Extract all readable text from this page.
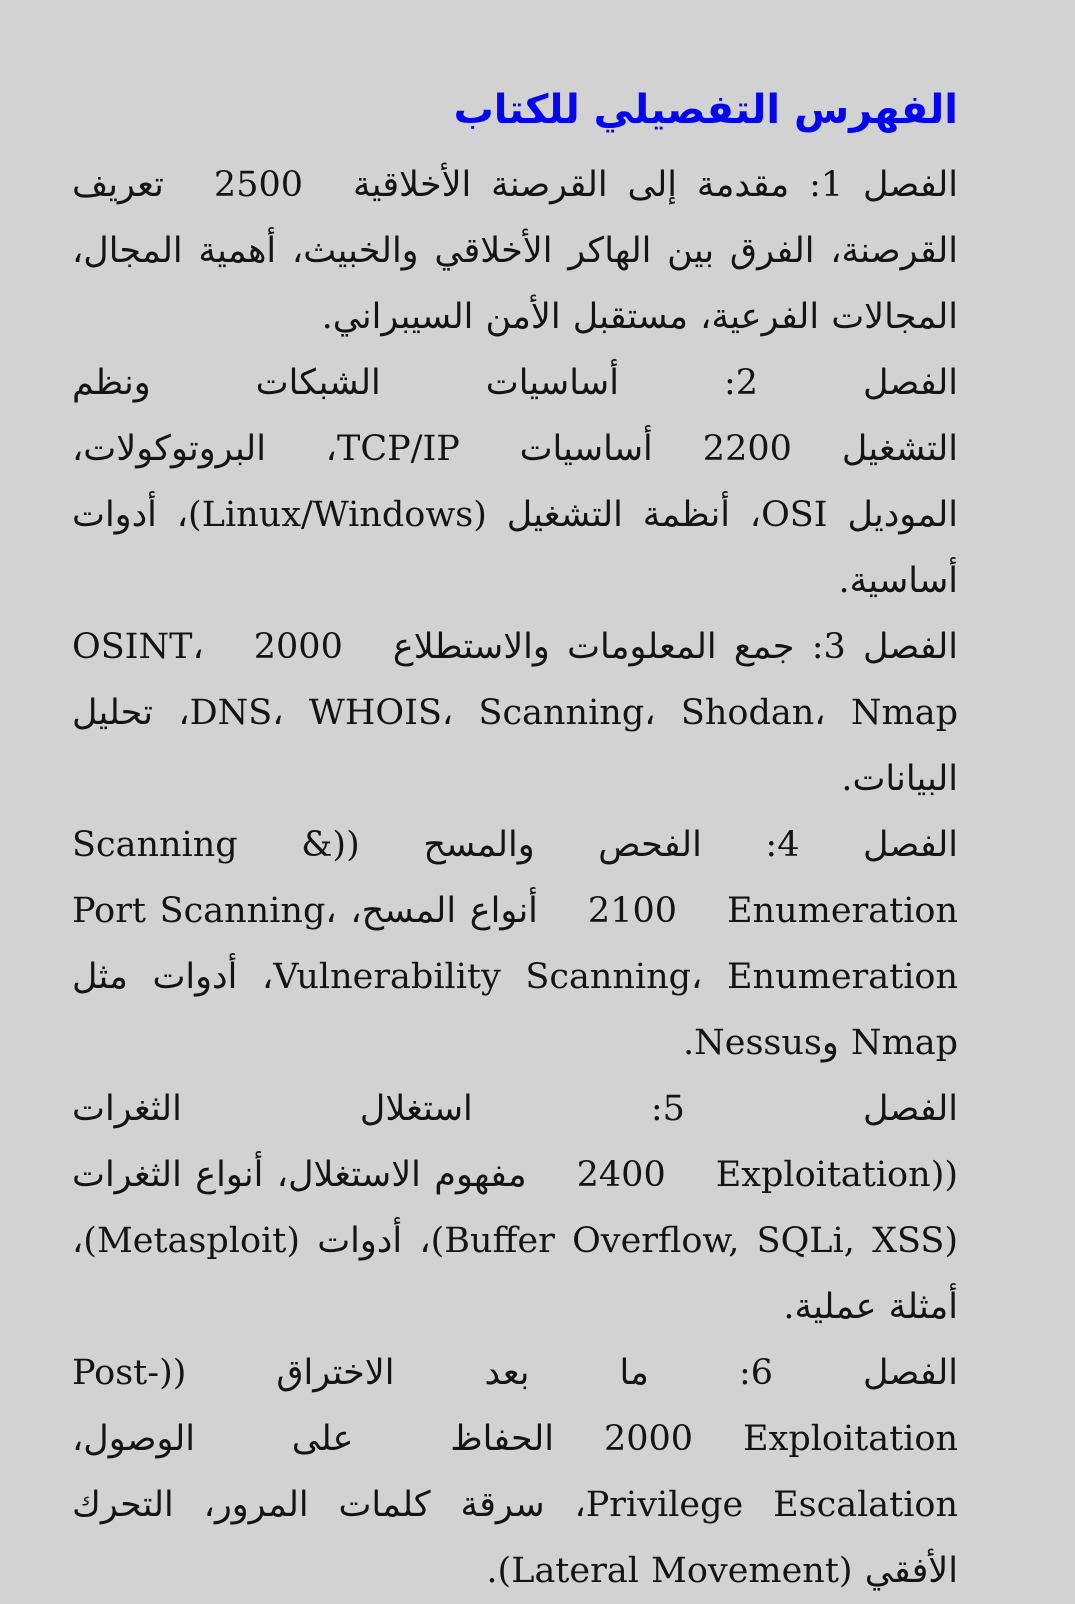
الفهرس التفصيلي للكتاب

الفصل 1: مقدمة إلى القرصنة الأخلاقية2500تعريف القرصنة، الفرق بين الهاكر الأخلاقي والخبيث، أهمية المجال، المجالات الفرعية، مستقبل الأمن السيبراني.

الفصل 2: أساسيات الشبكات ونظم التشغيل2200أساسيات TCP/IP، البروتوكولات، الموديل OSI، أنظمة التشغيل (Linux/Windows)، أدوات أساسية.

الفصل 3: جمع المعلومات والاستطلاع2000OSINT، DNS، WHOIS، Scanning، Shodan، Nmap، تحليل البيانات.

الفصل 4: الفحص والمسح ((Scanning & Enumeration2100أنواع المسح، Port Scanning، Vulnerability Scanning، Enumeration، أدوات مثل Nmap وNessus.

الفصل 5: استغلال الثغرات ((Exploitation2400مفهوم الاستغلال، أنواع الثغرات (Buffer Overflow, SQLi, XSS)، أدوات (Metasploit)، أمثلة عملية.

الفصل 6: ما بعد الاختراق ((Post-Exploitation2000الحفاظ على الوصول، Privilege Escalation، سرقة كلمات المرور، التحرك الأفقي (Lateral Movement).
